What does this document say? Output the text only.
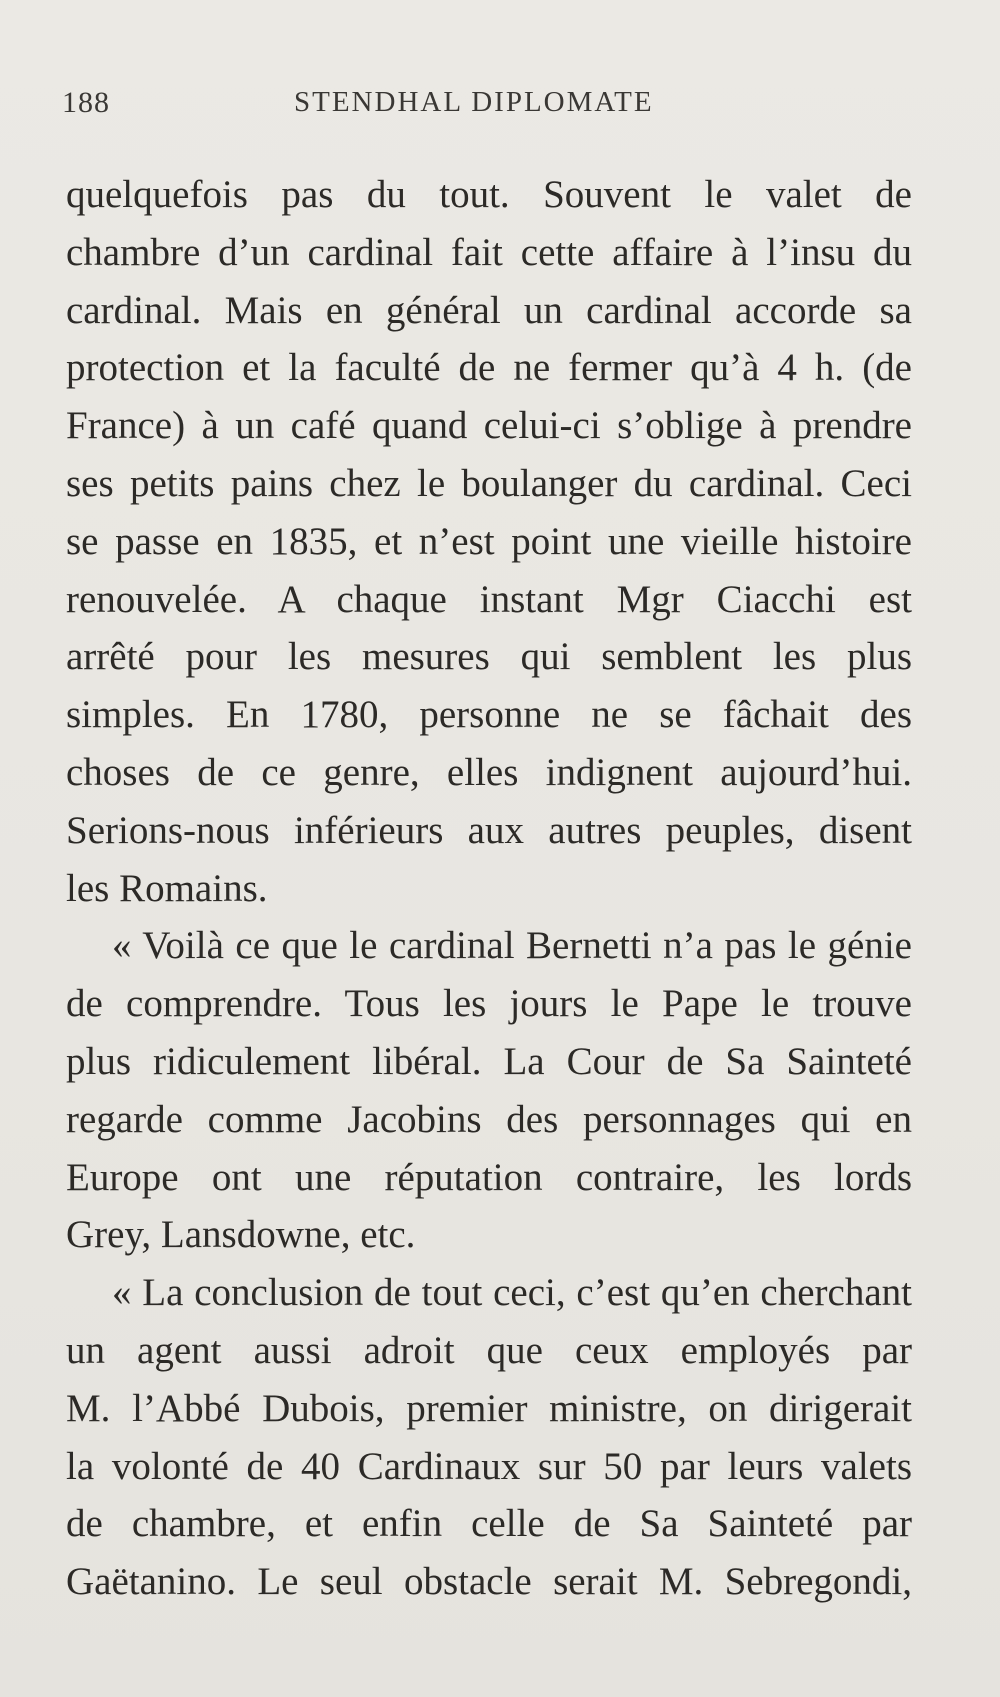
188	STENDHAL DIPLOMATE
quelquefois pas du tout. Souvent le valet de
chambre d’un cardinal fait cette affaire à l’insu du
cardinal. Mais en général un cardinal accorde sa
protection et la faculté de ne fermer qu’à 4 h. (de
France) à un café quand celui-ci s’oblige à prendre
ses petits pains chez le boulanger du cardinal. Ceci
se passe en 1835, et n’est point une vieille histoire
renouvelée. A chaque instant Mgr Ciacchi est
arrêté pour les mesures qui semblent les plus
simples. En 1780, personne ne se fâchait des
choses de ce genre, elles indignent aujourd’hui.
Serions-nous inférieurs aux autres peuples, disent
les Romains.
« Voilà ce que le cardinal Bernetti n’a pas le génie
de comprendre. Tous les jours le Pape le trouve
plus ridiculement libéral. La Cour de Sa Sainteté
regarde comme Jacobins des personnages qui en
Europe ont une réputation contraire, les lords
Grey, Lansdowne, etc.
« La conclusion de tout ceci, c’est qu’en cherchant
un agent aussi adroit que ceux employés par
M. l’Abbé Dubois, premier ministre, on dirigerait
la volonté de 40 Cardinaux sur 50 par leurs valets
de chambre, et enfin celle de Sa Sainteté par
Gaëtanino. Le seul obstacle serait M. Sebregondi,
